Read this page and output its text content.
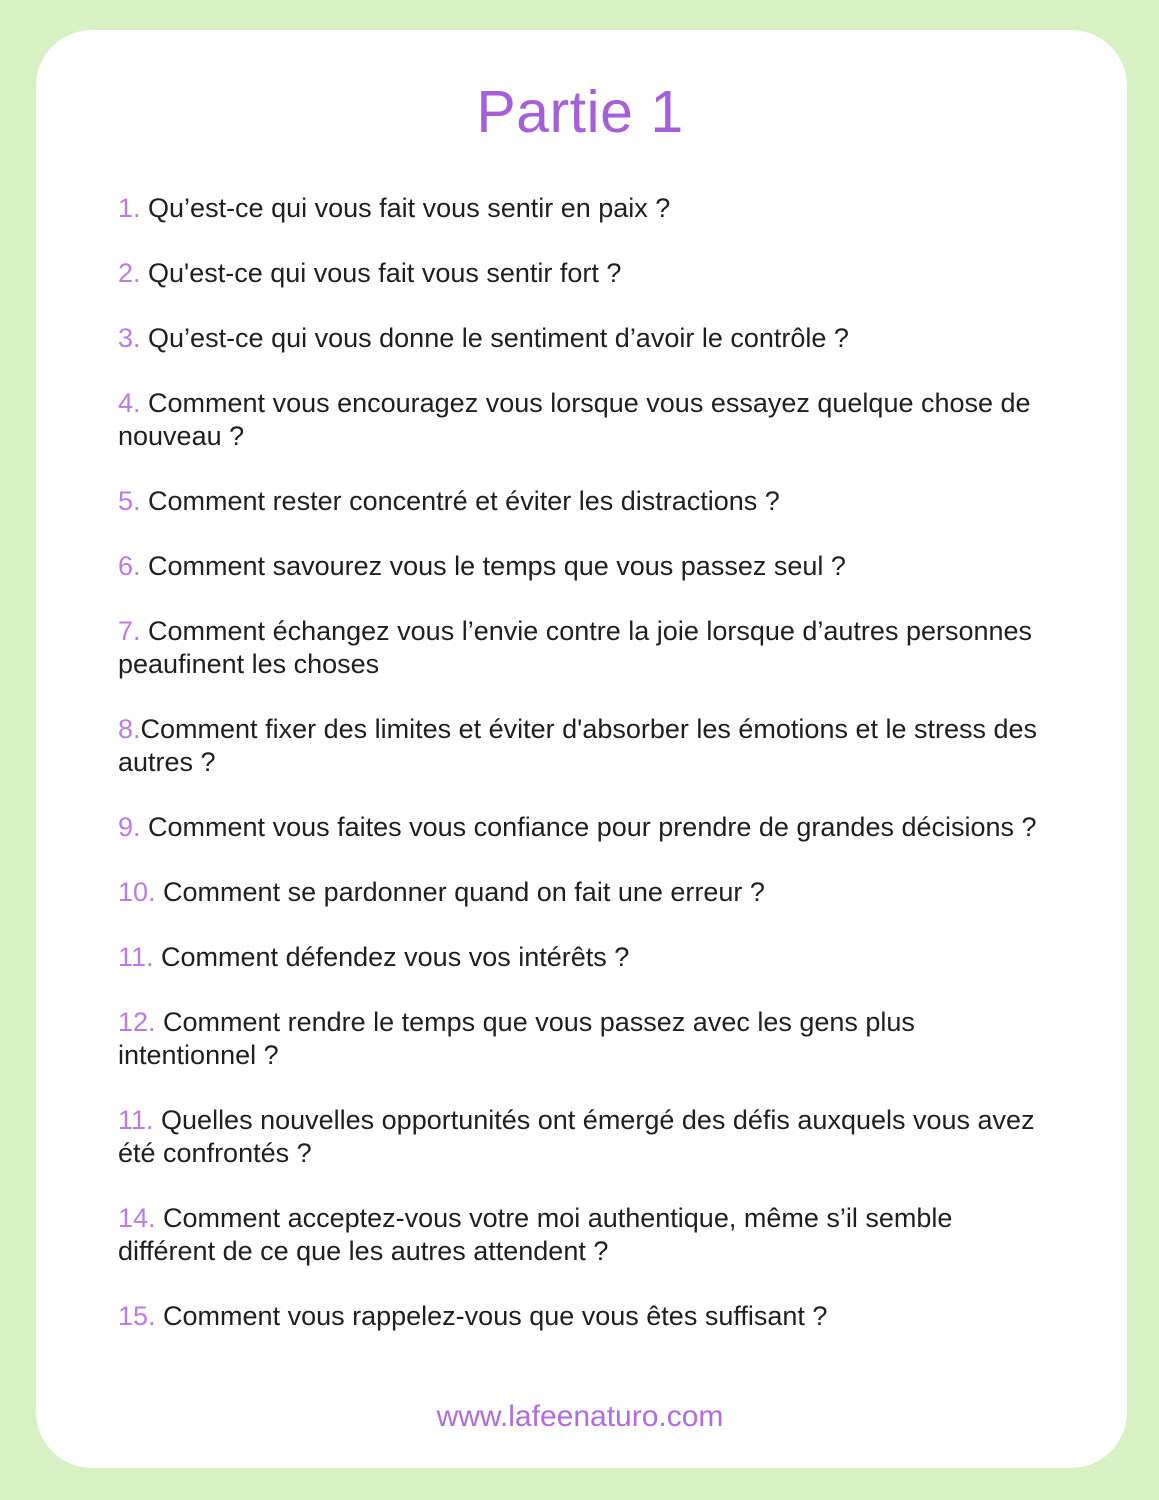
Partie 1
1. Qu’est-ce qui vous fait vous sentir en paix ?
2. Qu'est-ce qui vous fait vous sentir fort ?
3. Qu’est-ce qui vous donne le sentiment d’avoir le contrôle ?
4. Comment vous encouragez vous lorsque vous essayez quelque chose de nouveau ?
5. Comment rester concentré et éviter les distractions ?
6. Comment savourez vous le temps que vous passez seul ?
7. Comment échangez vous l’envie contre la joie lorsque d’autres personnes peaufinent les choses
8.Comment fixer des limites et éviter d'absorber les émotions et le stress des autres ?
9. Comment vous faites vous confiance pour prendre de grandes décisions ?
10. Comment se pardonner quand on fait une erreur ?
11. Comment défendez vous vos intérêts ?
12. Comment rendre le temps que vous passez avec les gens plus intentionnel ?
11. Quelles nouvelles opportunités ont émergé des défis auxquels vous avez été confrontés ?
14. Comment acceptez-vous votre moi authentique, même s’il semble différent de ce que les autres attendent ?
15. Comment vous rappelez-vous que vous êtes suffisant ?
www.lafeenaturo.com
